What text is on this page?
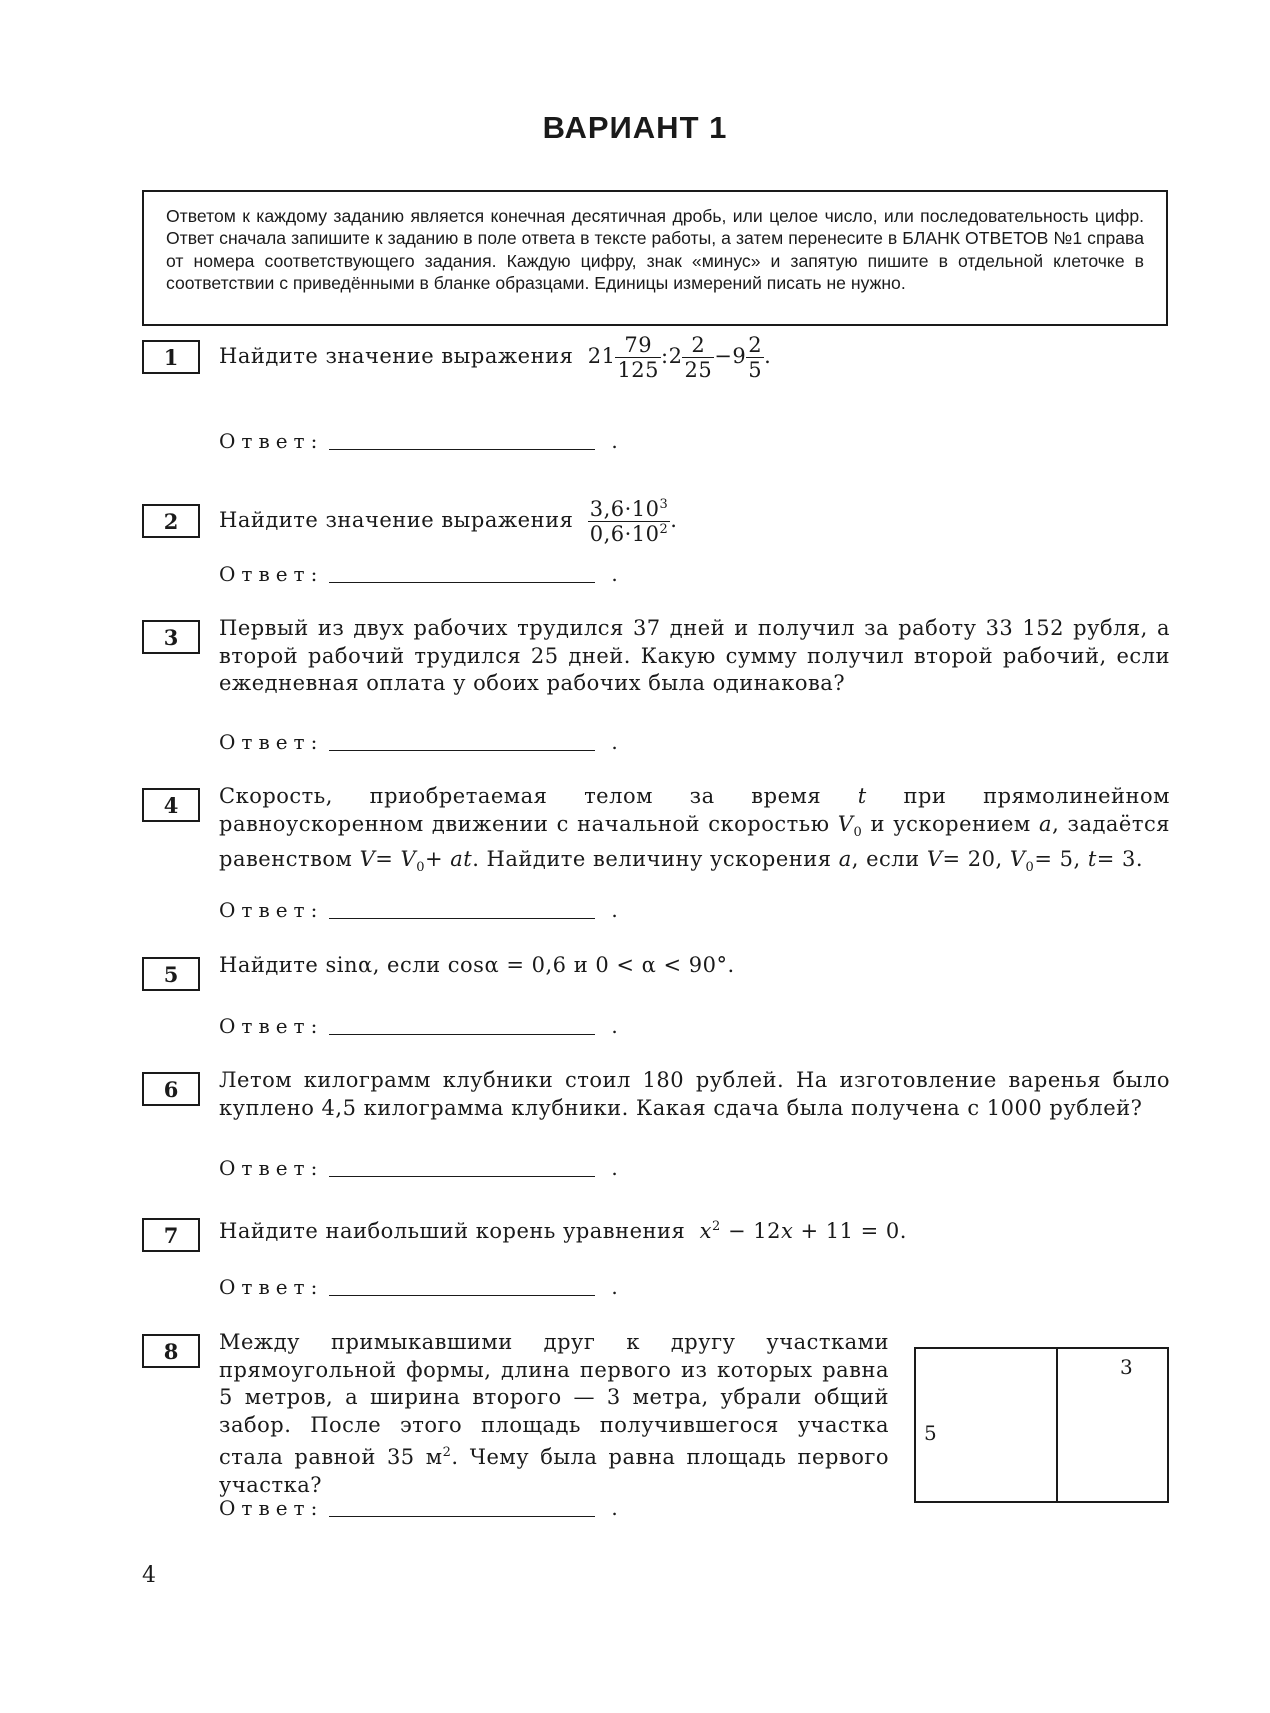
ВАРИАНТ 1
Ответом к каждому заданию является конечная десятичная дробь, или целое число, или последовательность цифр. Ответ сначала запишите к заданию в поле ответа в тексте работы, а затем перенесите в БЛАНК ОТВЕТОВ №1 справа от номера соответствующего задания. Каждую цифру, знак «минус» и запятую пишите в отдельной клеточке в соответствии с приведёнными в бланке образцами. Единицы измерений писать не нужно.
1	Найдите значение выражения $21 \frac{79}{125}$ :2 $\frac{2}{25} -9 \frac{2}{5}$ .
Ответ:	.
2	Найдите значение выражения $\frac{3,6\cdot 10^3}{0,6\cdot 10^2}$ .
Ответ:	.
3	Первый из двух рабочих трудился 37 дней и получил за работу 33 152 рубля, а второй рабочий трудился 25 дней. Какую сумму получил второй рабочий, если ежедневная оплата у обоих рабочих была одинакова?
Ответ:	.
4	Скорость, приобретаемая телом за время t при прямолинейном равноускоренном движении с начальной скоростью $V_0$ и ускорением a, задаётся равенством $V= V_0+$ at. Найдите величину ускорения a, если V= 20, $V_0= 5$, t= 3.
Ответ:	.
5	Найдите sinα, если cosα = 0,6 и 0 < α < 90°.
Ответ:	.
6	Летом килограмм клубники стоил 180 рублей. На изготовление варенья было куплено 4,5 килограмма клубники. Какая сдача была получена с 1000 рублей?
Ответ:	.
7	Найдите наибольший корень уравнения $x^2 - 12x + 11 = 0$.
Ответ:	.
8	Между примыкавшими друг к другу участками прямоугольной формы, длина первого из которых равна 5 метров, а ширина второго — 3 метра, убрали общий забор. После этого площадь получившегося участка стала равной 35 $м^2$. Чему была равна площадь первого участка?
Ответ:	.
3
5
4
